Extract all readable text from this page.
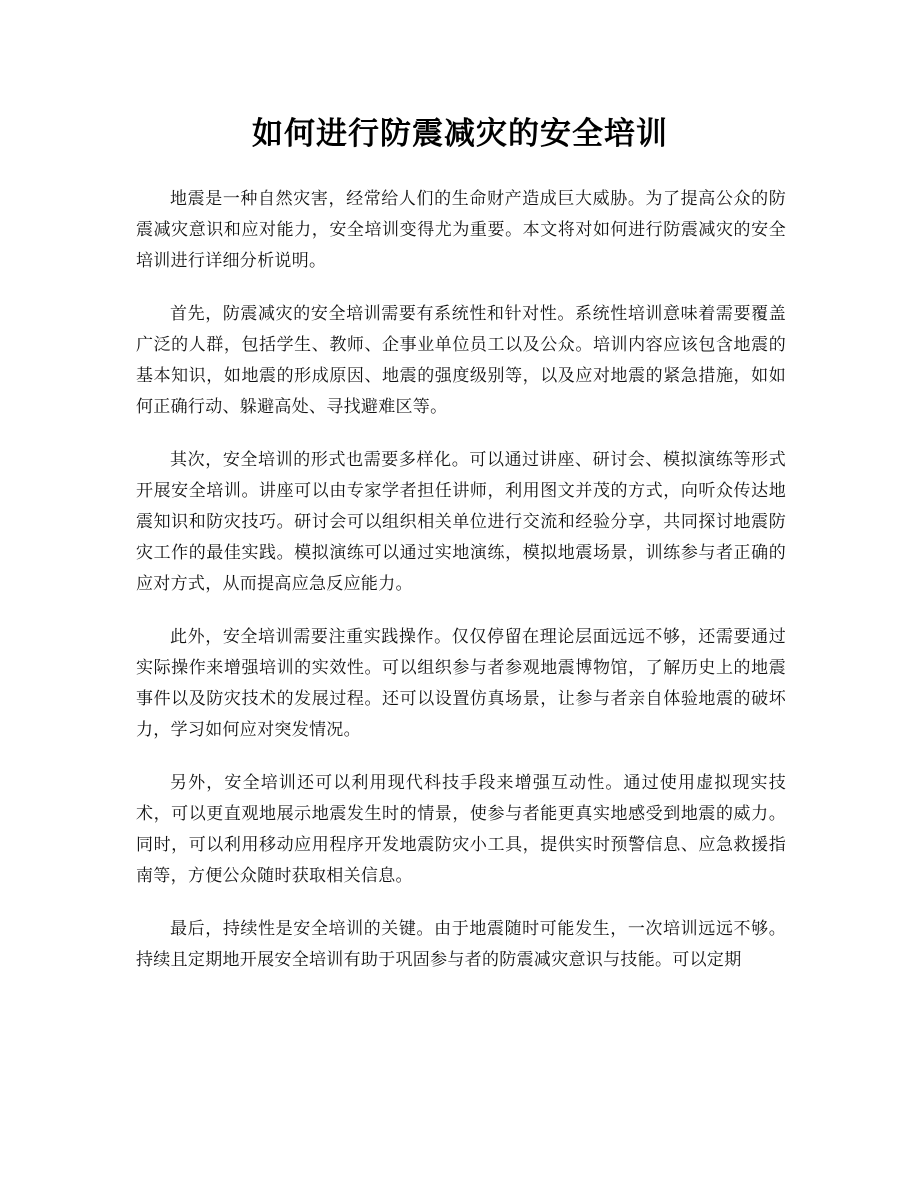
如何进行防震减灾的安全培训

地震是一种自然灾害，经常给人们的生命财产造成巨大威胁。为了提高公众的防震减灾意识和应对能力，安全培训变得尤为重要。本文将对如何进行防震减灾的安全培训进行详细分析说明。

首先，防震减灾的安全培训需要有系统性和针对性。系统性培训意味着需要覆盖广泛的人群，包括学生、教师、企事业单位员工以及公众。培训内容应该包含地震的基本知识，如地震的形成原因、地震的强度级别等，以及应对地震的紧急措施，如如何正确行动、躲避高处、寻找避难区等。

其次，安全培训的形式也需要多样化。可以通过讲座、研讨会、模拟演练等形式开展安全培训。讲座可以由专家学者担任讲师，利用图文并茂的方式，向听众传达地震知识和防灾技巧。研讨会可以组织相关单位进行交流和经验分享，共同探讨地震防灾工作的最佳实践。模拟演练可以通过实地演练，模拟地震场景，训练参与者正确的应对方式，从而提高应急反应能力。

此外，安全培训需要注重实践操作。仅仅停留在理论层面远远不够，还需要通过实际操作来增强培训的实效性。可以组织参与者参观地震博物馆，了解历史上的地震事件以及防灾技术的发展过程。还可以设置仿真场景，让参与者亲自体验地震的破坏力，学习如何应对突发情况。

另外，安全培训还可以利用现代科技手段来增强互动性。通过使用虚拟现实技术，可以更直观地展示地震发生时的情景，使参与者能更真实地感受到地震的威力。同时，可以利用移动应用程序开发地震防灾小工具，提供实时预警信息、应急救援指南等，方便公众随时获取相关信息。

最后，持续性是安全培训的关键。由于地震随时可能发生，一次培训远远不够。持续且定期地开展安全培训有助于巩固参与者的防震减灾意识与技能。可以定期
